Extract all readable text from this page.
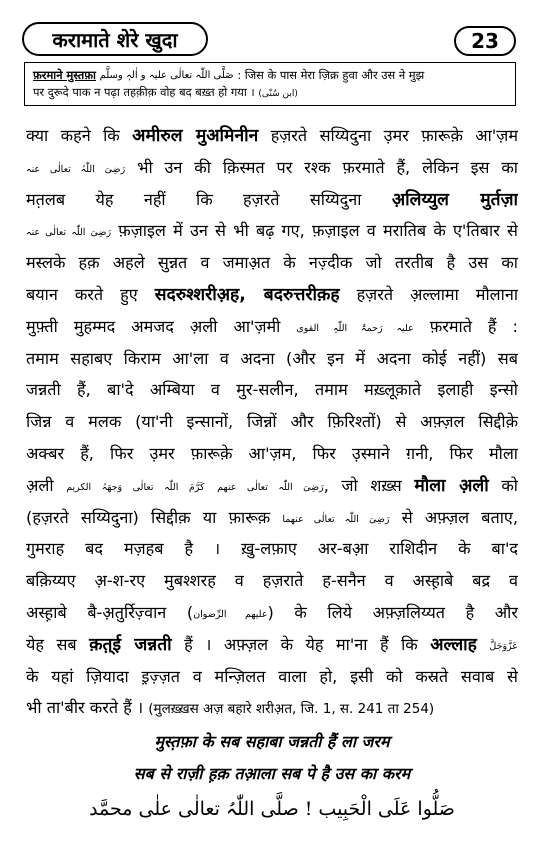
करामाते शेरे खुदा	23
फ़रमाने मुस्तफ़ा صَلَّی اللّٰہ تعالٰی علیہ و اٰلہٖ وسلَّم : जिस के पास मेरा ज़िक्र हुवा और उस ने मुझ
पर दुरूदे पाक न पढ़ा तहक़ीक़ वोह बद बख़्त हो गया । (ابن سُنّی)
क्या कहने कि अमीरुल मुअमिनीन हज़रते सय्यिदुना उ़मर फ़ारूक़े आ'ज़म
رَضِیَ اللّٰہُ تعالٰی عنہ भी उन की क़िस्मत पर रश्क फ़रमाते हैं, लेकिन इस का
मत़लब येह नहीं कि हज़रते सय्यिदुना अ़लिय्युल मुर्तज़ा
رَضِیَ اللّٰہ تعالٰی عنہ फ़ज़ाइल में उन से भी बढ़ गए, फ़ज़ाइल व मरातिब के ए'तिबार से
मस्लके हक़ अहले सुन्नत व जमाअ़त के नज़्दीक जो तरतीब है उस का
बयान करते हुए सदरुश्शरीअ़ह, बदरुत्तरीक़ह हज़रते अ़ल्लामा मौलाना
मुफ़्ती मुहम्मद अमजद अ़ली आ'ज़मी علیہ رَحمۃُ اللّٰہِ القوی फ़रमाते हैं :
तमाम सहाबए किराम आ'ला व अदना (और इन में अदना कोई नहीं) सब
जन्नती हैं, बा'दे अम्बिया व मुर-सलीन, तमाम मख़्लूक़ाते इलाही इन्सो
जिन्न व मलक (या'नी इन्सानों, जिन्नों और फ़िरिश्तों) से अफ़्ज़ल सिद्दीक़े
अक्बर हैं, फिर उ़मर फ़ारूक़े आ'ज़म, फिर उ़स्माने ग़नी, फिर मौला
अ़ली	رَضِیَ اللّٰہ تعالٰی عنھم کَرَّمَ اللّٰہ تعالٰی وَجھَہُ الکریم	, जो शख़्स मौला अ़ली को
(हज़रते सय्यिदुना) सिद्दीक़ या फ़ारूक़ رَضِیَ اللّٰہ تعالٰی عنھما से अफ़्ज़ल बताए,
गुमराह बद मज़हब है । ख़ु-लफ़ाए अर-बआ़ राशिदीन के बा'द
बक़िय्यए अ़-श-रए मुबश्शरह व हज़राते ह-सनैन व अस्ह़ाबे बद्र व
अस्ह़ाबे बै-अ़तुर्रिज़्वान (علیھم الرِّضوان) के लिये अफ़्ज़लिय्यत है और
येह सब क़त़्ई जन्नती हैं । अफ़्ज़ल के येह मा'ना हैं कि अल्लाह عَزَّوَجَلَّ
के यहां ज़ियादा इ़ज़्ज़त व मन्ज़िलत वाला हो, इसी को कस्रते सवाब से
भी ता'बीर करते हैं । (मुलख़्ख़स अज़ बहारे शरीअ़त, जि. 1, स. 241 ता 254)
मुस्त़फ़ा के सब सहाबा जन्नती हैं ला जरम
सब से राज़ी ह़क़ तआ़ला सब पे है उस का करम
صَلُّوا عَلَی الْحَبِیب ! صلَّی اللّٰہُ تعالٰی علٰی محمَّد
